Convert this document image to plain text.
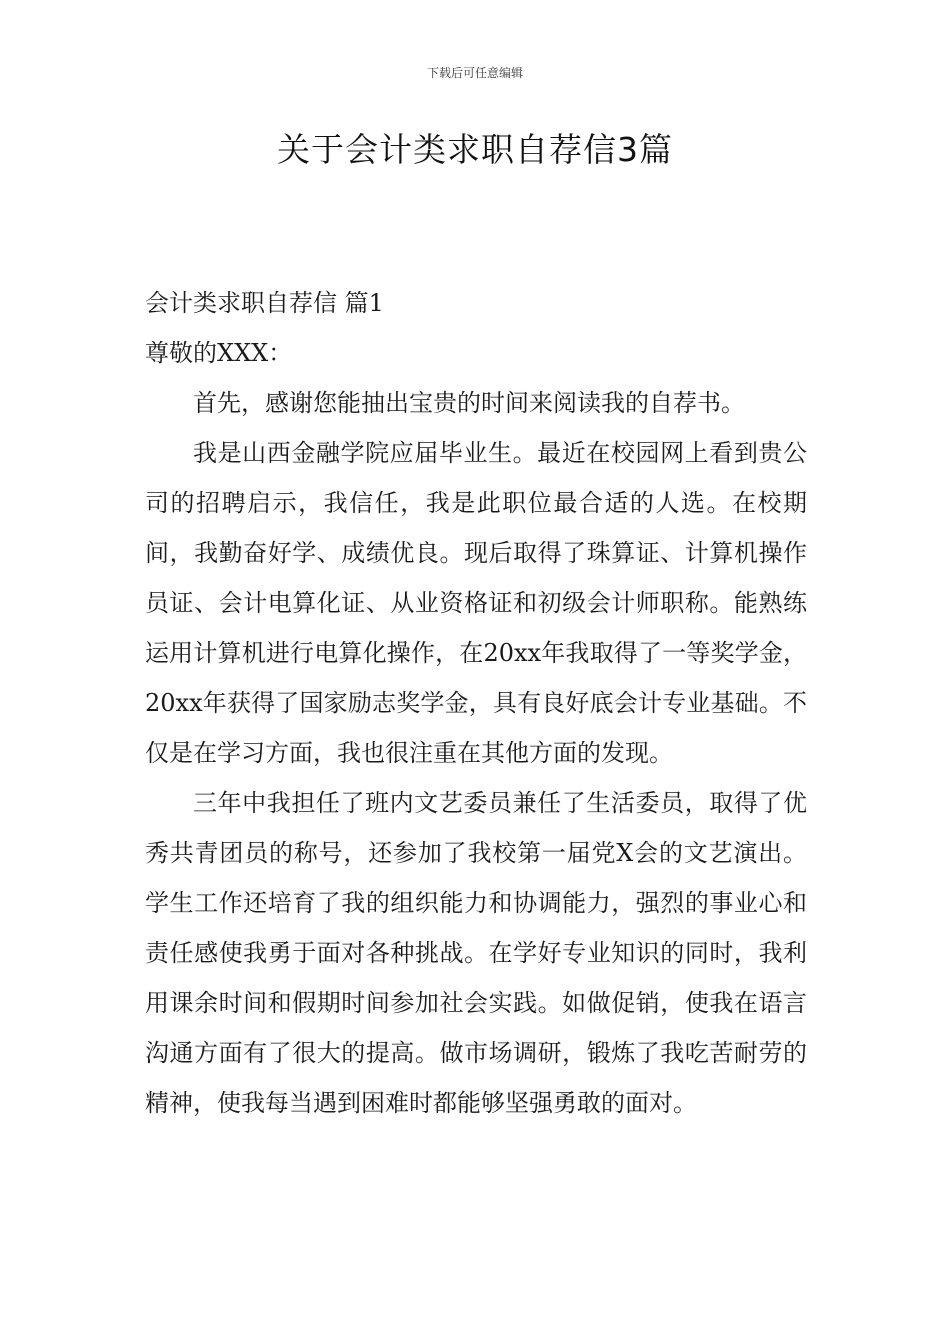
下载后可任意编辑
关于会计类求职自荐信3篇

会计类求职自荐信 篇1

尊敬的XXX：

首先，感谢您能抽出宝贵的时间来阅读我的自荐书。

我是山西金融学院应届毕业生。最近在校园网上看到贵公司的招聘启示，我信任，我是此职位最合适的人选。在校期间，我勤奋好学、成绩优良。现后取得了珠算证、计算机操作员证、会计电算化证、从业资格证和初级会计师职称。能熟练运用计算机进行电算化操作，在20xx年我取得了一等奖学金，20xx年获得了国家励志奖学金，具有良好底会计专业基础。不仅是在学习方面，我也很注重在其他方面的发现。

三年中我担任了班内文艺委员兼任了生活委员，取得了优秀共青团员的称号，还参加了我校第一届党X会的文艺演出。学生工作还培育了我的组织能力和协调能力，强烈的事业心和责任感使我勇于面对各种挑战。在学好专业知识的同时，我利用课余时间和假期时间参加社会实践。如做促销，使我在语言沟通方面有了很大的提高。做市场调研，锻炼了我吃苦耐劳的精神，使我每当遇到困难时都能够坚强勇敢的面对。
